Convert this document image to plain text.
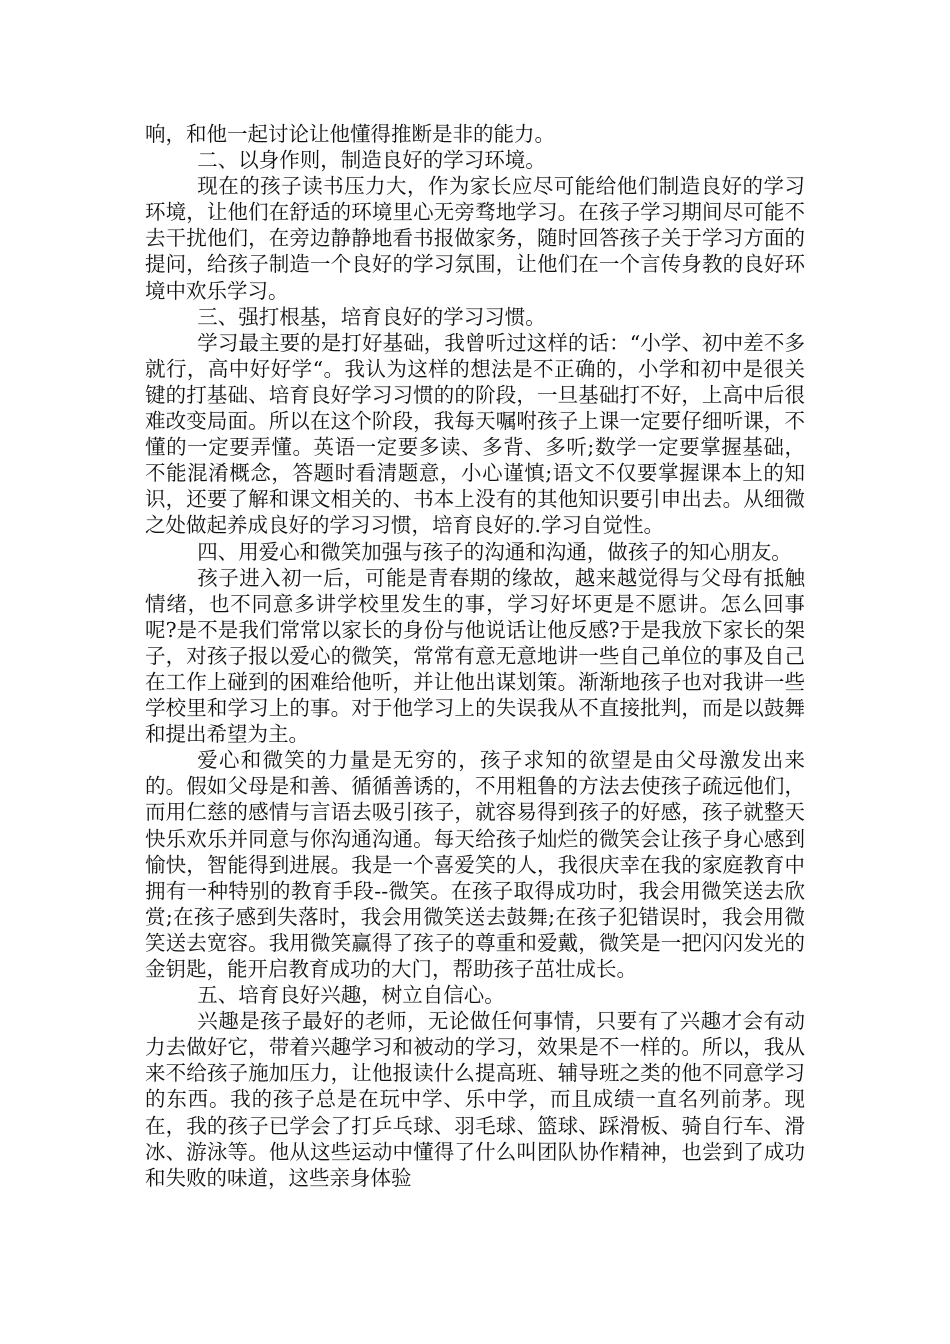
响，和他一起讨论让他懂得推断是非的能力。

二、以身作则，制造良好的学习环境。

现在的孩子读书压力大，作为家长应尽可能给他们制造良好的学习环境，让他们在舒适的环境里心无旁骛地学习。在孩子学习期间尽可能不去干扰他们，在旁边静静地看书报做家务，随时回答孩子关于学习方面的提问，给孩子制造一个良好的学习氛围，让他们在一个言传身教的良好环境中欢乐学习。

三、强打根基，培育良好的学习习惯。

学习最主要的是打好基础，我曾听过这样的话：“小学、初中差不多就行，高中好好学“。我认为这样的想法是不正确的，小学和初中是很关键的打基础、培育良好学习习惯的的阶段，一旦基础打不好，上高中后很难改变局面。所以在这个阶段，我每天嘱咐孩子上课一定要仔细听课，不懂的一定要弄懂。英语一定要多读、多背、多听;数学一定要掌握基础，不能混淆概念，答题时看清题意，小心谨慎;语文不仅要掌握课本上的知识，还要了解和课文相关的、书本上没有的其他知识要引申出去。从细微之处做起养成良好的学习习惯，培育良好的.学习自觉性。

四、用爱心和微笑加强与孩子的沟通和沟通，做孩子的知心朋友。

孩子进入初一后，可能是青春期的缘故，越来越觉得与父母有抵触情绪，也不同意多讲学校里发生的事，学习好坏更是不愿讲。怎么回事呢?是不是我们常常以家长的身份与他说话让他反感?于是我放下家长的架子，对孩子报以爱心的微笑，常常有意无意地讲一些自己单位的事及自己在工作上碰到的困难给他听，并让他出谋划策。渐渐地孩子也对我讲一些学校里和学习上的事。对于他学习上的失误我从不直接批判，而是以鼓舞和提出希望为主。

爱心和微笑的力量是无穷的，孩子求知的欲望是由父母激发出来的。假如父母是和善、循循善诱的，不用粗鲁的方法去使孩子疏远他们，而用仁慈的感情与言语去吸引孩子，就容易得到孩子的好感，孩子就整天快乐欢乐并同意与你沟通沟通。每天给孩子灿烂的微笑会让孩子身心感到愉快，智能得到进展。我是一个喜爱笑的人，我很庆幸在我的家庭教育中拥有一种特别的教育手段--微笑。在孩子取得成功时，我会用微笑送去欣赏;在孩子感到失落时，我会用微笑送去鼓舞;在孩子犯错误时，我会用微笑送去宽容。我用微笑赢得了孩子的尊重和爱戴，微笑是一把闪闪发光的金钥匙，能开启教育成功的大门，帮助孩子茁壮成长。

五、培育良好兴趣，树立自信心。

兴趣是孩子最好的老师，无论做任何事情，只要有了兴趣才会有动力去做好它，带着兴趣学习和被动的学习，效果是不一样的。所以，我从来不给孩子施加压力，让他报读什么提高班、辅导班之类的他不同意学习的东西。我的孩子总是在玩中学、乐中学，而且成绩一直名列前茅。现在，我的孩子已学会了打乒乓球、羽毛球、篮球、踩滑板、骑自行车、滑冰、游泳等。他从这些运动中懂得了什么叫团队协作精神，也尝到了成功和失败的味道，这些亲身体验
